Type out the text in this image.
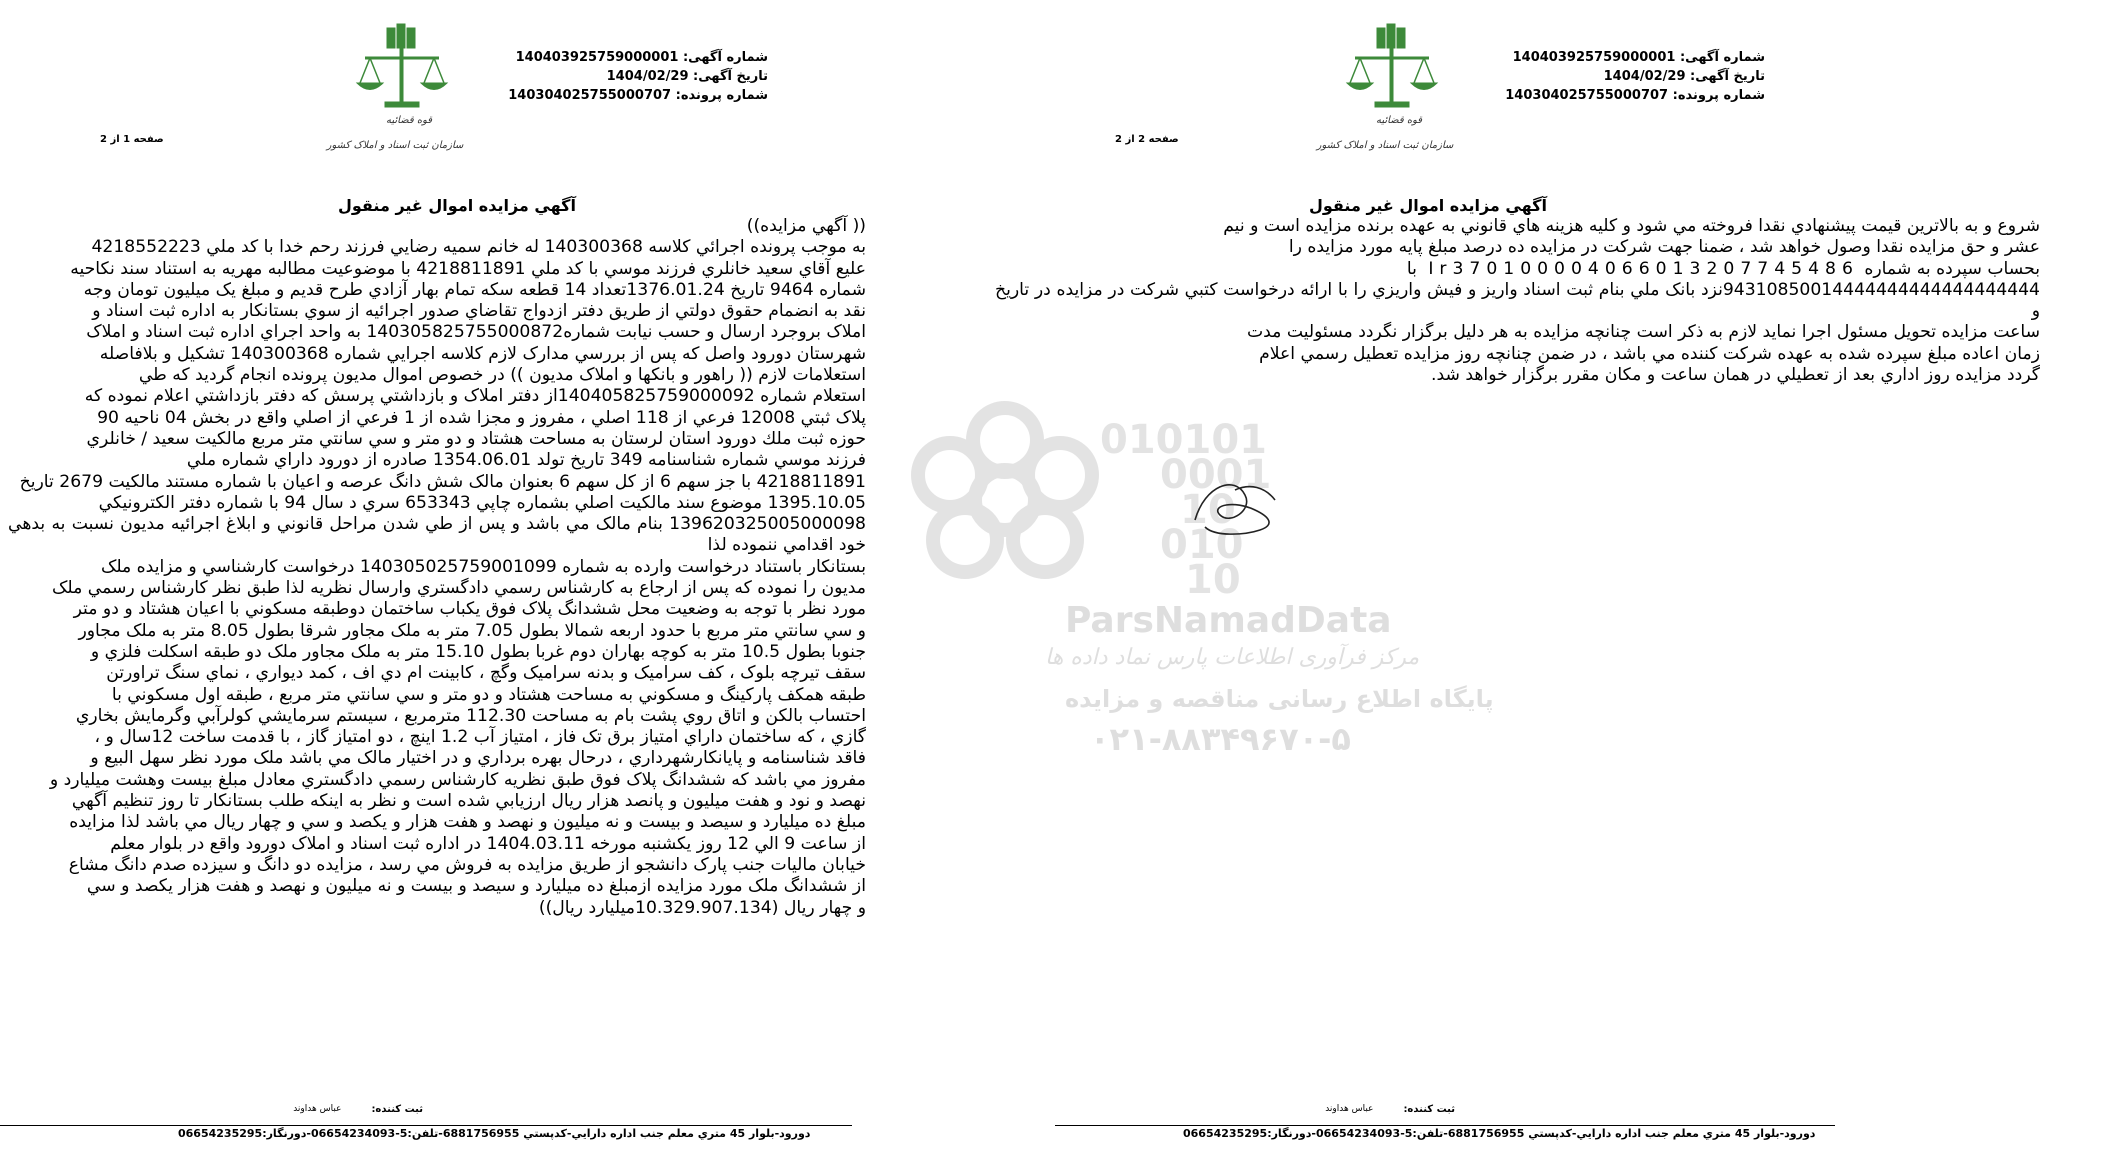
شماره آگهی: 140403925759000001
تاریخ آگهی: 1404/02/29
شماره پرونده: 140304025755000707
قوه قضائیه
سازمان ثبت اسناد و املاک کشور
صفحه 1 از 2
آگهي مزايده اموال غير منقول

(( آگهي مزايده))

به موجب پرونده اجرائي كلاسه 140300368 له خانم سميه رضايي فرزند رحم خدا با كد ملي 4218552223

عليع آقاي سعيد خانلري فرزند موسي با كد ملي 4218811891 با موضوعيت مطالبه مهريه به استناد سند نكاحيه

شماره 9464 تاريخ 1376.01.24تعداد 14 قطعه سكه تمام بهار آزادي طرح قديم و مبلغ يک ميليون تومان وجه

نقد به انضمام حقوق دولتي از طريق دفتر ازدواج تقاضاي صدور اجرائيه از سوي بستانكار به اداره ثبت اسناد و

املاک بروجرد ارسال و حسب نيابت شماره140305825755000872 به واحد اجراي اداره ثبت اسناد و املاک

شهرستان دورود واصل كه پس از بررسي مدارک لازم كلاسه اجرايي شماره 140300368 تشكيل و بلافاصله

استعلامات لازم (( راهور و بانكها و املاک مديون )) در خصوص اموال مديون پرونده انجام گرديد كه طي

استعلام شماره 140405825759000092از دفتر املاک و بازداشتي پرسش كه دفتر بازداشتي اعلام نموده كه

پلاک ثبتي 12008 فرعي از 118 اصلي ، مفروز و مجزا شده از 1 فرعي از اصلي واقع در بخش 04 ناحيه 90

حوزه ثبت ملك دورود استان لرستان به مساحت هشتاد و دو متر و سي سانتي متر مربع مالكيت سعيد / خانلري

فرزند موسي شماره شناسنامه 349 تاريخ تولد 1354.06.01 صادره از دورود داراي شماره ملي

4218811891 با جز سهم 6 از كل سهم 6 بعنوان مالک شش دانگ عرصه و اعيان با شماره مستند مالكيت 2679 تاريخ

1395.10.05 موضوع سند مالكيت اصلي بشماره چاپي 653343 سري د سال 94 با شماره دفتر الكترونيكي

139620325005000098 بنام مالک مي باشد و پس از طي شدن مراحل قانوني و ابلاغ اجرائيه مديون نسبت به بدهي خود اقدامي ننموده لذا

بستانكار باستناد درخواست وارده به شماره 140305025759001099 درخواست كارشناسي و مزايده ملک

مديون را نموده كه پس از ارجاع به كارشناس رسمي دادگستري وارسال نظريه لذا طبق نظر كارشناس رسمي ملک

مورد نظر با توجه به وضعيت محل ششدانگ پلاک فوق يكباب ساختمان دوطبقه مسكوني با اعيان هشتاد و دو متر

و سي سانتي متر مربع با حدود اربعه شمالا بطول 7.05 متر به ملک مجاور شرقا بطول 8.05 متر به ملک مجاور

جنوبا بطول 10.5 متر به كوچه بهاران دوم غربا بطول 15.10 متر به ملک مجاور ملک دو طبقه اسكلت فلزي و

سقف تيرچه بلوک ، كف سراميک و بدنه سراميک وگچ ، كابينت ام دي اف ، كمد ديواري ، نماي سنگ تراورتن

طبقه همكف پاركينگ و مسكوني به مساحت هشتاد و دو متر و سي سانتي متر مربع ، طبقه اول مسكوني با

احتساب بالكن و اتاق روي پشت بام به مساحت 112.30 مترمربع ، سيستم سرمايشي كولرآبي وگرمايش بخاري

گازي ، كه ساختمان داراي امتياز برق تک فاز ، امتياز آب 1.2 اينچ ، دو امتياز گاز ، با قدمت ساخت 12سال و ،

فاقد شناسنامه و پايانكارشهرداري ، درحال بهره برداري و در اختيار مالک مي باشد ملک مورد نظر سهل البيع و

مفروز مي باشد كه ششدانگ پلاک فوق طبق نظريه كارشناس رسمي دادگستري معادل مبلغ بيست وهشت ميليارد و

نهصد و نود و هفت ميليون و پانصد هزار ريال ارزيابي شده است و نظر به اينكه طلب بستانكار تا روز تنظيم آگهي

مبلغ ده ميليارد و سيصد و بيست و نه ميليون و نهصد و هفت هزار و يكصد و سي و چهار ريال مي باشد لذا مزايده

از ساعت 9 الي 12 روز يكشنبه مورخه 1404.03.11 در اداره ثبت اسناد و املاک دورود واقع در بلوار معلم

خيابان ماليات جنب پارک دانشجو از طريق مزايده به فروش مي رسد ، مزايده دو دانگ و سيزده صدم دانگ مشاع

از ششدانگ ملک مورد مزايده ازمبلغ ده ميليارد و سيصد و بيست و نه ميليون و نهصد و هفت هزار يكصد و سي

و چهار ريال (10.329.907.134ميليارد ريال))

ثبت كننده:
عباس هداوند
دورود-بلوار 45 متري معلم جنب اداره دارايي-كدپستي 6881756955-تلفن:5-06654234093-دورنگار:06654235295
شماره آگهی: 140403925759000001
تاریخ آگهی: 1404/02/29
شماره پرونده: 140304025755000707
قوه قضائیه
سازمان ثبت اسناد و املاک کشور
صفحه 2 از 2
آگهي مزايده اموال غير منقول

شروع و به بالاترين قيمت پيشنهادي نقدا فروخته مي شود و كليه هزينه هاي قانوني به عهده برنده مزايده است و نيم

عشر و حق مزايده نقدا وصول خواهد شد ، ضمنا جهت شركت در مزايده ده درصد مبلغ پايه مورد مزايده را

بحساب سپرده به شماره Ir370100004066013207745486 با

94310850014444444444444444444نزد بانک ملي بنام ثبت اسناد واريز و فيش واريزي را با ارائه درخواست كتبي شركت در مزايده در تاريخ و

ساعت مزايده تحويل مسئول اجرا نمايد لازم به ذكر است چنانچه مزايده به هر دليل برگزار نگردد مسئوليت مدت

زمان اعاده مبلغ سپرده شده به عهده شركت كننده مي باشد ، در ضمن چنانچه روز مزايده تعطيل رسمي اعلام

گردد مزايده روز اداري بعد از تعطيلي در همان ساعت و مكان مقرر برگزار خواهد شد.

010101
0001
10
010
10
ParsNamadData
مرکز فرآوری اطلاعات پارس نماد داده ها
پایگاه اطلاع رسانی مناقصه و مزایده
۰۲۱-۸۸۳۴۹۶۷۰-۵
ثبت كننده:
عباس هداوند
دورود-بلوار 45 متري معلم جنب اداره دارايي-كدپستي 6881756955-تلفن:5-06654234093-دورنگار:06654235295
